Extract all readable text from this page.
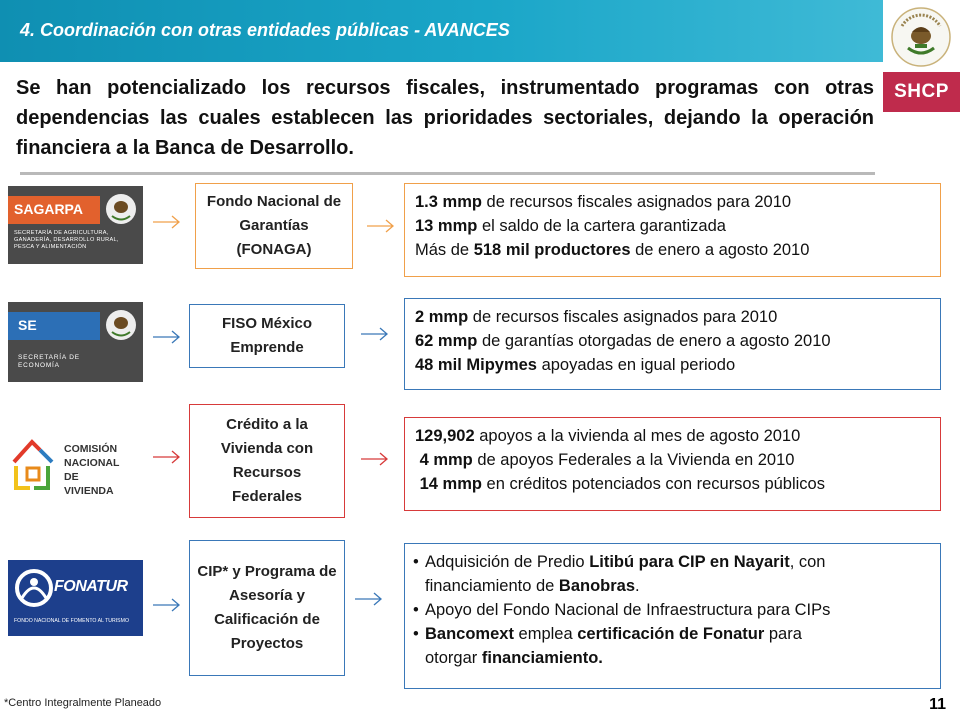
4. Coordinación con otras entidades públicas - AVANCES
SHCP
Se han potencializado los recursos fiscales, instrumentado programas con otras dependencias las cuales establecen las prioridades sectoriales, dejando la operación financiera a la Banca de Desarrollo.
SAGARPA
SECRETARÍA DE AGRICULTURA, GANADERÍA, DESARROLLO RURAL, PESCA Y ALIMENTACIÓN
Fondo Nacional de Garantías (FONAGA)
1.3 mmp de recursos fiscales asignados para 2010
13 mmp el saldo de la cartera garantizada
Más de 518 mil productores de enero a agosto 2010
SE
SECRETARÍA DE ECONOMÍA
FISO México Emprende
2 mmp de recursos fiscales asignados para 2010
62 mmp de garantías otorgadas de enero a agosto 2010
48 mil Mipymes apoyadas en igual periodo
COMISIÓN NACIONAL DE VIVIENDA
Crédito a la Vivienda con Recursos Federales
129,902 apoyos a la vivienda al mes de agosto 2010
4 mmp de apoyos Federales a la Vivienda en 2010
14 mmp en créditos potenciados con recursos públicos
FONATUR
FONDO NACIONAL DE FOMENTO AL TURISMO
CIP* y Programa de Asesoría y Calificación de Proyectos
• Adquisición de Predio Litibú para CIP en Nayarit, con
financiamiento de Banobras.
• Apoyo del Fondo Nacional de Infraestructura para CIPs
• Bancomext emplea certificación de Fonatur para
otorgar financiamiento.
*Centro Integralmente Planeado	11
